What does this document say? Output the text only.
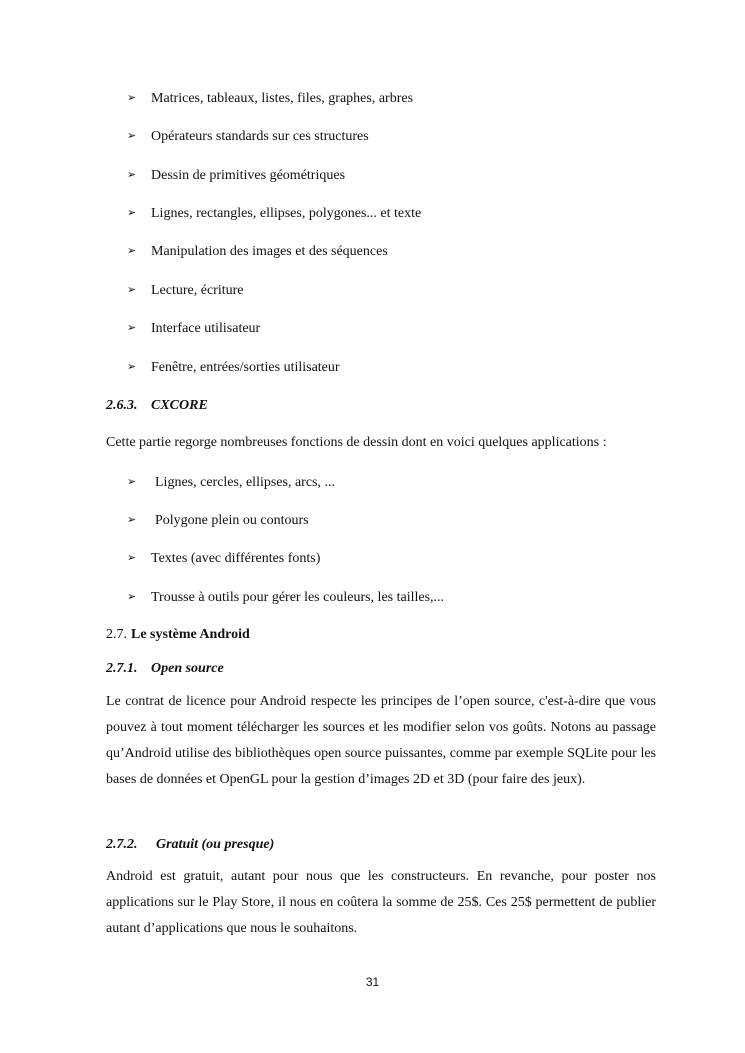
➢ Matrices, tableaux, listes, files, graphes, arbres
➢ Opérateurs standards sur ces structures
➢ Dessin de primitives géométriques
➢ Lignes, rectangles, ellipses, polygones... et texte
➢ Manipulation des images et des séquences
➢ Lecture, écriture
➢ Interface utilisateur
➢ Fenêtre, entrées/sorties utilisateur
2.6.3. CXCORE
Cette partie regorge nombreuses fonctions de dessin dont en voici quelques applications :
➢ Lignes, cercles, ellipses, arcs, ...
➢ Polygone plein ou contours
➢ Textes (avec différentes fonts)
➢ Trousse à outils pour gérer les couleurs, les tailles,...
2.7. Le système Android
2.7.1. Open source
Le contrat de licence pour Android respecte les principes de l’open source, c'est-à-dire que vous pouvez à tout moment télécharger les sources et les modifier selon vos goûts. Notons au passage qu’Android utilise des bibliothèques open source puissantes, comme par exemple SQLite pour les bases de données et OpenGL pour la gestion d’images 2D et 3D (pour faire des jeux).
2.7.2. Gratuit (ou presque)
Android est gratuit, autant pour nous que les constructeurs. En revanche, pour poster nos applications sur le Play Store, il nous en coûtera la somme de 25$. Ces 25$ permettent de publier autant d’applications que nous le souhaitons.
31
